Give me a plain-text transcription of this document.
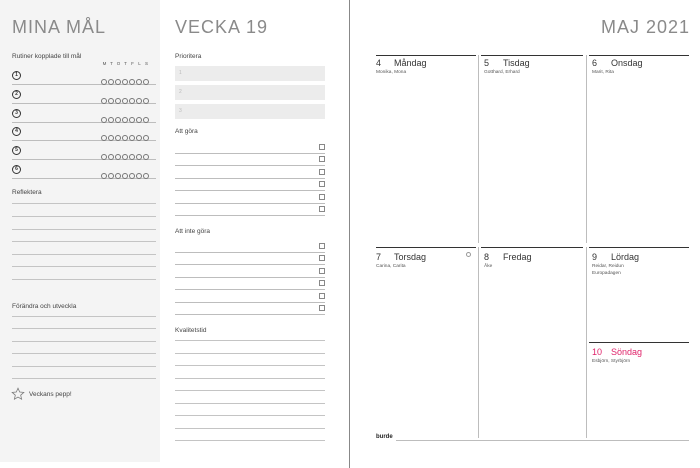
MINA MÅL
Rutiner kopplade till mål
M T O T F L S
1
2
3
4
5
6
Reflektera
Förändra och utveckla
Veckans pepp!
VECKA 19
Prioritera
1
2
3
Att göra
Att inte göra
Kvalitetstid
MAJ 2021
4 Måndag
Monika, Mona
5 Tisdag
Gotthard, Erhard
6 Onsdag
Marit, Rita
7 Torsdag
Carina, Carita
8 Fredag
Åke
9 Lördag
Reidar, Reidun
Europadagen
10 Söndag
Esbjörn, Styrbjörn
burde
